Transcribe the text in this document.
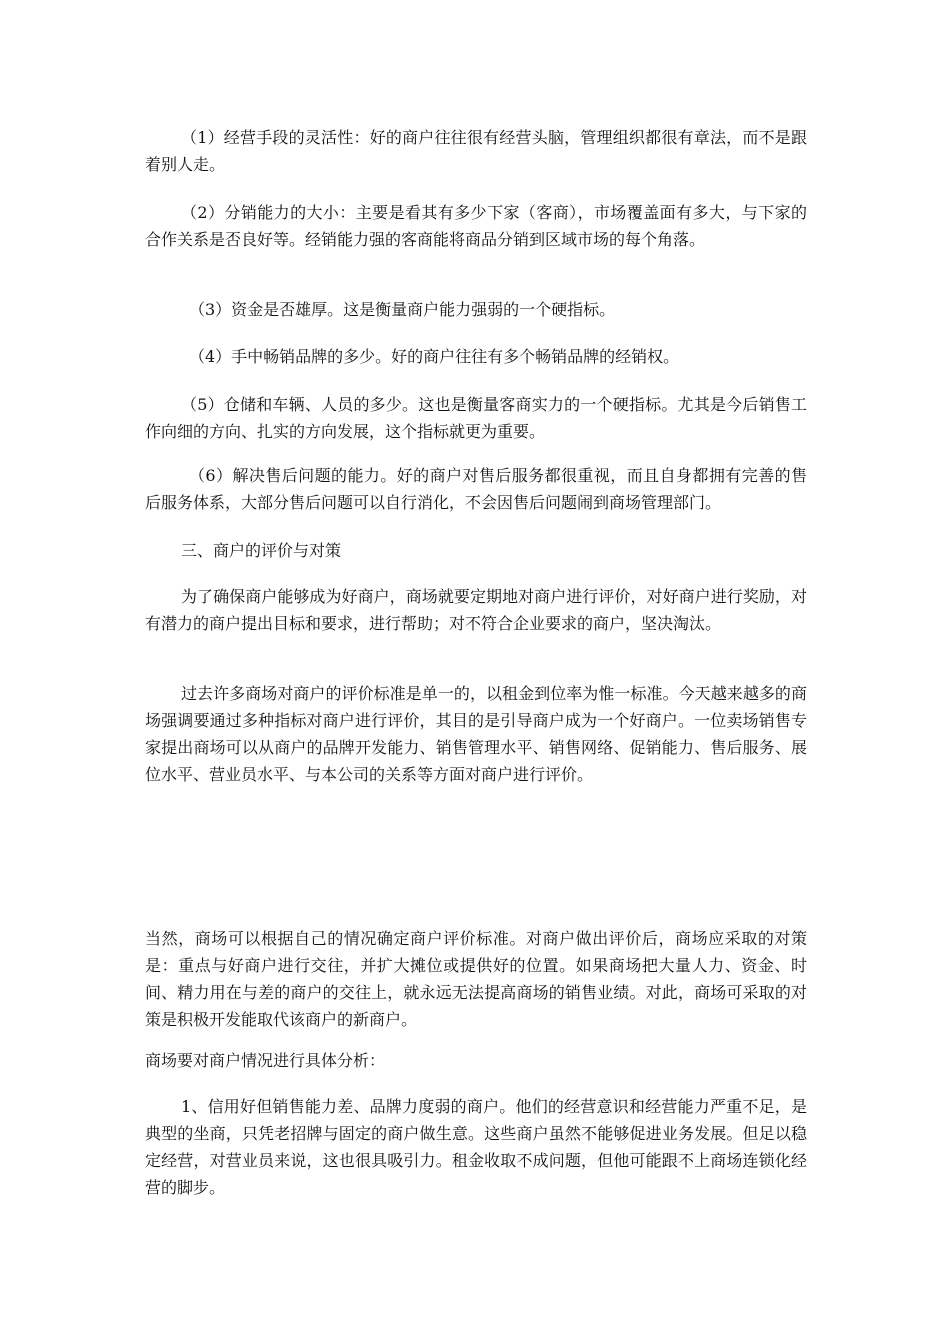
（1）经营手段的灵活性：好的商户往往很有经营头脑，管理组织都很有章法，而不是跟着别人走。

（2）分销能力的大小：主要是看其有多少下家（客商），市场覆盖面有多大，与下家的合作关系是否良好等。经销能力强的客商能将商品分销到区域市场的每个角落。

（3）资金是否雄厚。这是衡量商户能力强弱的一个硬指标。

（4）手中畅销品牌的多少。好的商户往往有多个畅销品牌的经销权。

（5）仓储和车辆、人员的多少。这也是衡量客商实力的一个硬指标。尤其是今后销售工作向细的方向、扎实的方向发展，这个指标就更为重要。

（6）解决售后问题的能力。好的商户对售后服务都很重视，而且自身都拥有完善的售后服务体系，大部分售后问题可以自行消化，不会因售后问题闹到商场管理部门。

三、商户的评价与对策

为了确保商户能够成为好商户，商场就要定期地对商户进行评价，对好商户进行奖励，对有潜力的商户提出目标和要求，进行帮助；对不符合企业要求的商户，坚决淘汰。

过去许多商场对商户的评价标准是单一的，以租金到位率为惟一标准。今天越来越多的商场强调要通过多种指标对商户进行评价，其目的是引导商户成为一个好商户。一位卖场销售专家提出商场可以从商户的品牌开发能力、销售管理水平、销售网络、促销能力、售后服务、展位水平、营业员水平、与本公司的关系等方面对商户进行评价。

当然，商场可以根据自己的情况确定商户评价标准。对商户做出评价后，商场应采取的对策是：重点与好商户进行交往，并扩大摊位或提供好的位置。如果商场把大量人力、资金、时间、精力用在与差的商户的交往上，就永远无法提高商场的销售业绩。对此，商场可采取的对策是积极开发能取代该商户的新商户。

商场要对商户情况进行具体分析：

1、信用好但销售能力差、品牌力度弱的商户。他们的经营意识和经营能力严重不足，是典型的坐商，只凭老招牌与固定的商户做生意。这些商户虽然不能够促进业务发展。但足以稳定经营，对营业员来说，这也很具吸引力。租金收取不成问题，但他可能跟不上商场连锁化经营的脚步。
